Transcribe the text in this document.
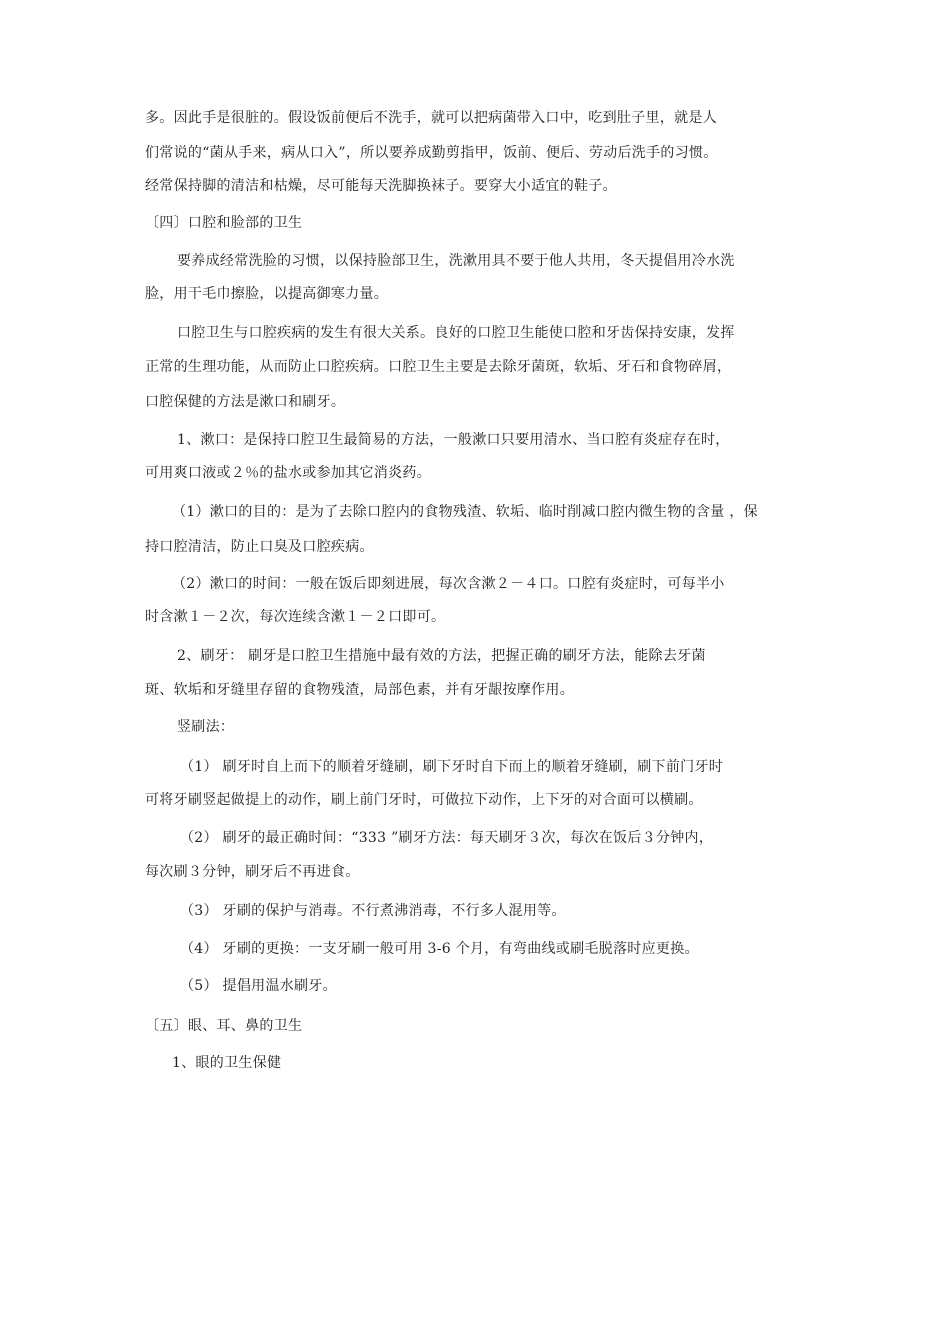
多。因此手是很脏的。假设饭前便后不洗手，就可以把病菌带入口中，吃到肚子里，就是人
们常说的“菌从手来，病从口入”，所以要养成勤剪指甲，饭前、便后、劳动后洗手的习惯。
经常保持脚的清洁和枯燥，尽可能每天洗脚换袜子。要穿大小适宜的鞋子。
〔四〕口腔和脸部的卫生
要养成经常洗脸的习惯，以保持脸部卫生，洗漱用具不要于他人共用，冬天提倡用冷水洗
脸，用干毛巾擦脸，以提高御寒力量。
口腔卫生与口腔疾病的发生有很大关系。良好的口腔卫生能使口腔和牙齿保持安康，发挥
正常的生理功能，从而防止口腔疾病。口腔卫生主要是去除牙菌斑，软垢、牙石和食物碎屑，
口腔保健的方法是漱口和刷牙。
1、漱口：是保持口腔卫生最简易的方法，一般漱口只要用清水、当口腔有炎症存在时，
可用爽口液或２％的盐水或参加其它消炎药。
（1）漱口的目的：是为了去除口腔内的食物残渣、软垢、临时削减口腔内微生物的含量 ，保
持口腔清洁，防止口臭及口腔疾病。
（2）漱口的时间：一般在饭后即刻进展，每次含漱２－４口。口腔有炎症时，可每半小
时含漱１－２次，每次连续含漱１－２口即可。
2、刷牙： 刷牙是口腔卫生措施中最有效的方法，把握正确的刷牙方法，能除去牙菌
斑、软垢和牙缝里存留的食物残渣，局部色素，并有牙龈按摩作用。
竖刷法：
（1） 刷牙时自上而下的顺着牙缝刷，刷下牙时自下而上的顺着牙缝刷，刷下前门牙时
可将牙刷竖起做提上的动作，刷上前门牙时，可做拉下动作，上下牙的对合面可以横刷。
（2） 刷牙的最正确时间：“333 ”刷牙方法：每天刷牙３次，每次在饭后３分钟内，
每次刷３分钟，刷牙后不再进食。
（3） 牙刷的保护与消毒。不行煮沸消毒，不行多人混用等。
（4） 牙刷的更换：一支牙刷一般可用 3-6 个月，有弯曲线或刷毛脱落时应更换。
（5） 提倡用温水刷牙。
〔五〕眼、耳、鼻的卫生
1、眼的卫生保健
